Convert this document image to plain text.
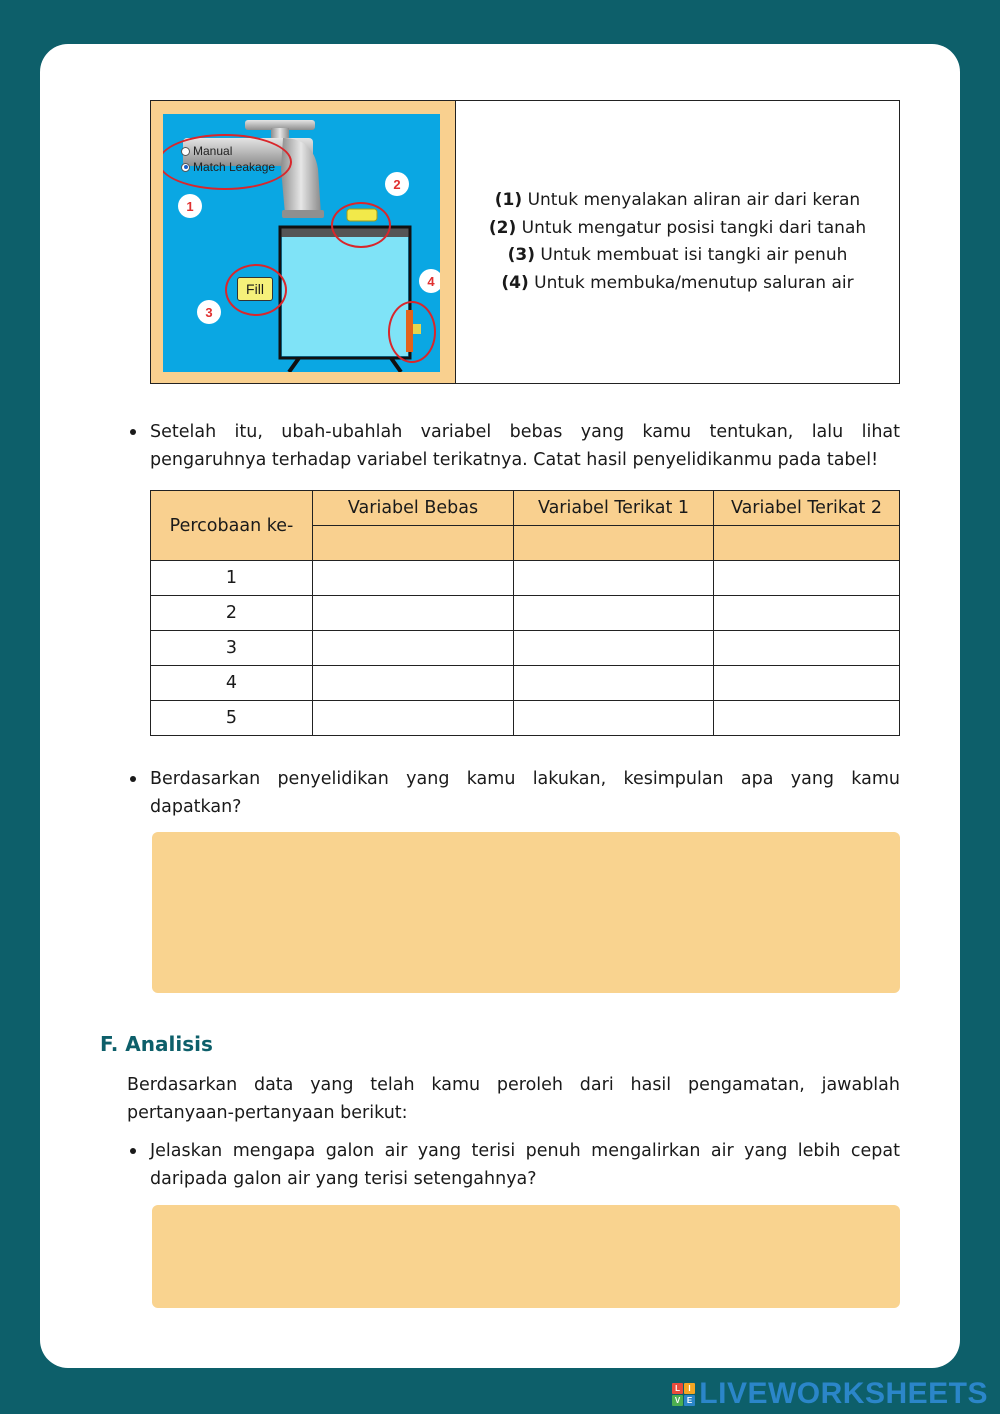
Manual
Match Leakage
Fill
1
2
3
4
(1) Untuk menyalakan aliran air dari keran
(2) Untuk mengatur posisi tangki dari tanah
(3) Untuk membuat isi tangki air penuh
(4) Untuk membuka/menutup saluran air

Setelah itu, ubah-ubahlah variabel bebas yang kamu tentukan, lalu lihat pengaruhnya terhadap variabel terikatnya. Catat hasil penyelidikanmu pada tabel!

Percobaan ke-	Variabel Bebas	Variabel Terikat 1	Variabel Terikat 2

1			
2			
3			
4			
5			

Berdasarkan penyelidikan yang kamu lakukan, kesimpulan apa yang kamu dapatkan?

F. Analisis

Berdasarkan data yang telah kamu peroleh dari hasil pengamatan, jawablah pertanyaan-pertanyaan berikut:

Jelaskan mengapa galon air yang terisi penuh mengalirkan air yang lebih cepat daripada galon air yang terisi setengahnya?

L I
V E LIVEWORKSHEETS
